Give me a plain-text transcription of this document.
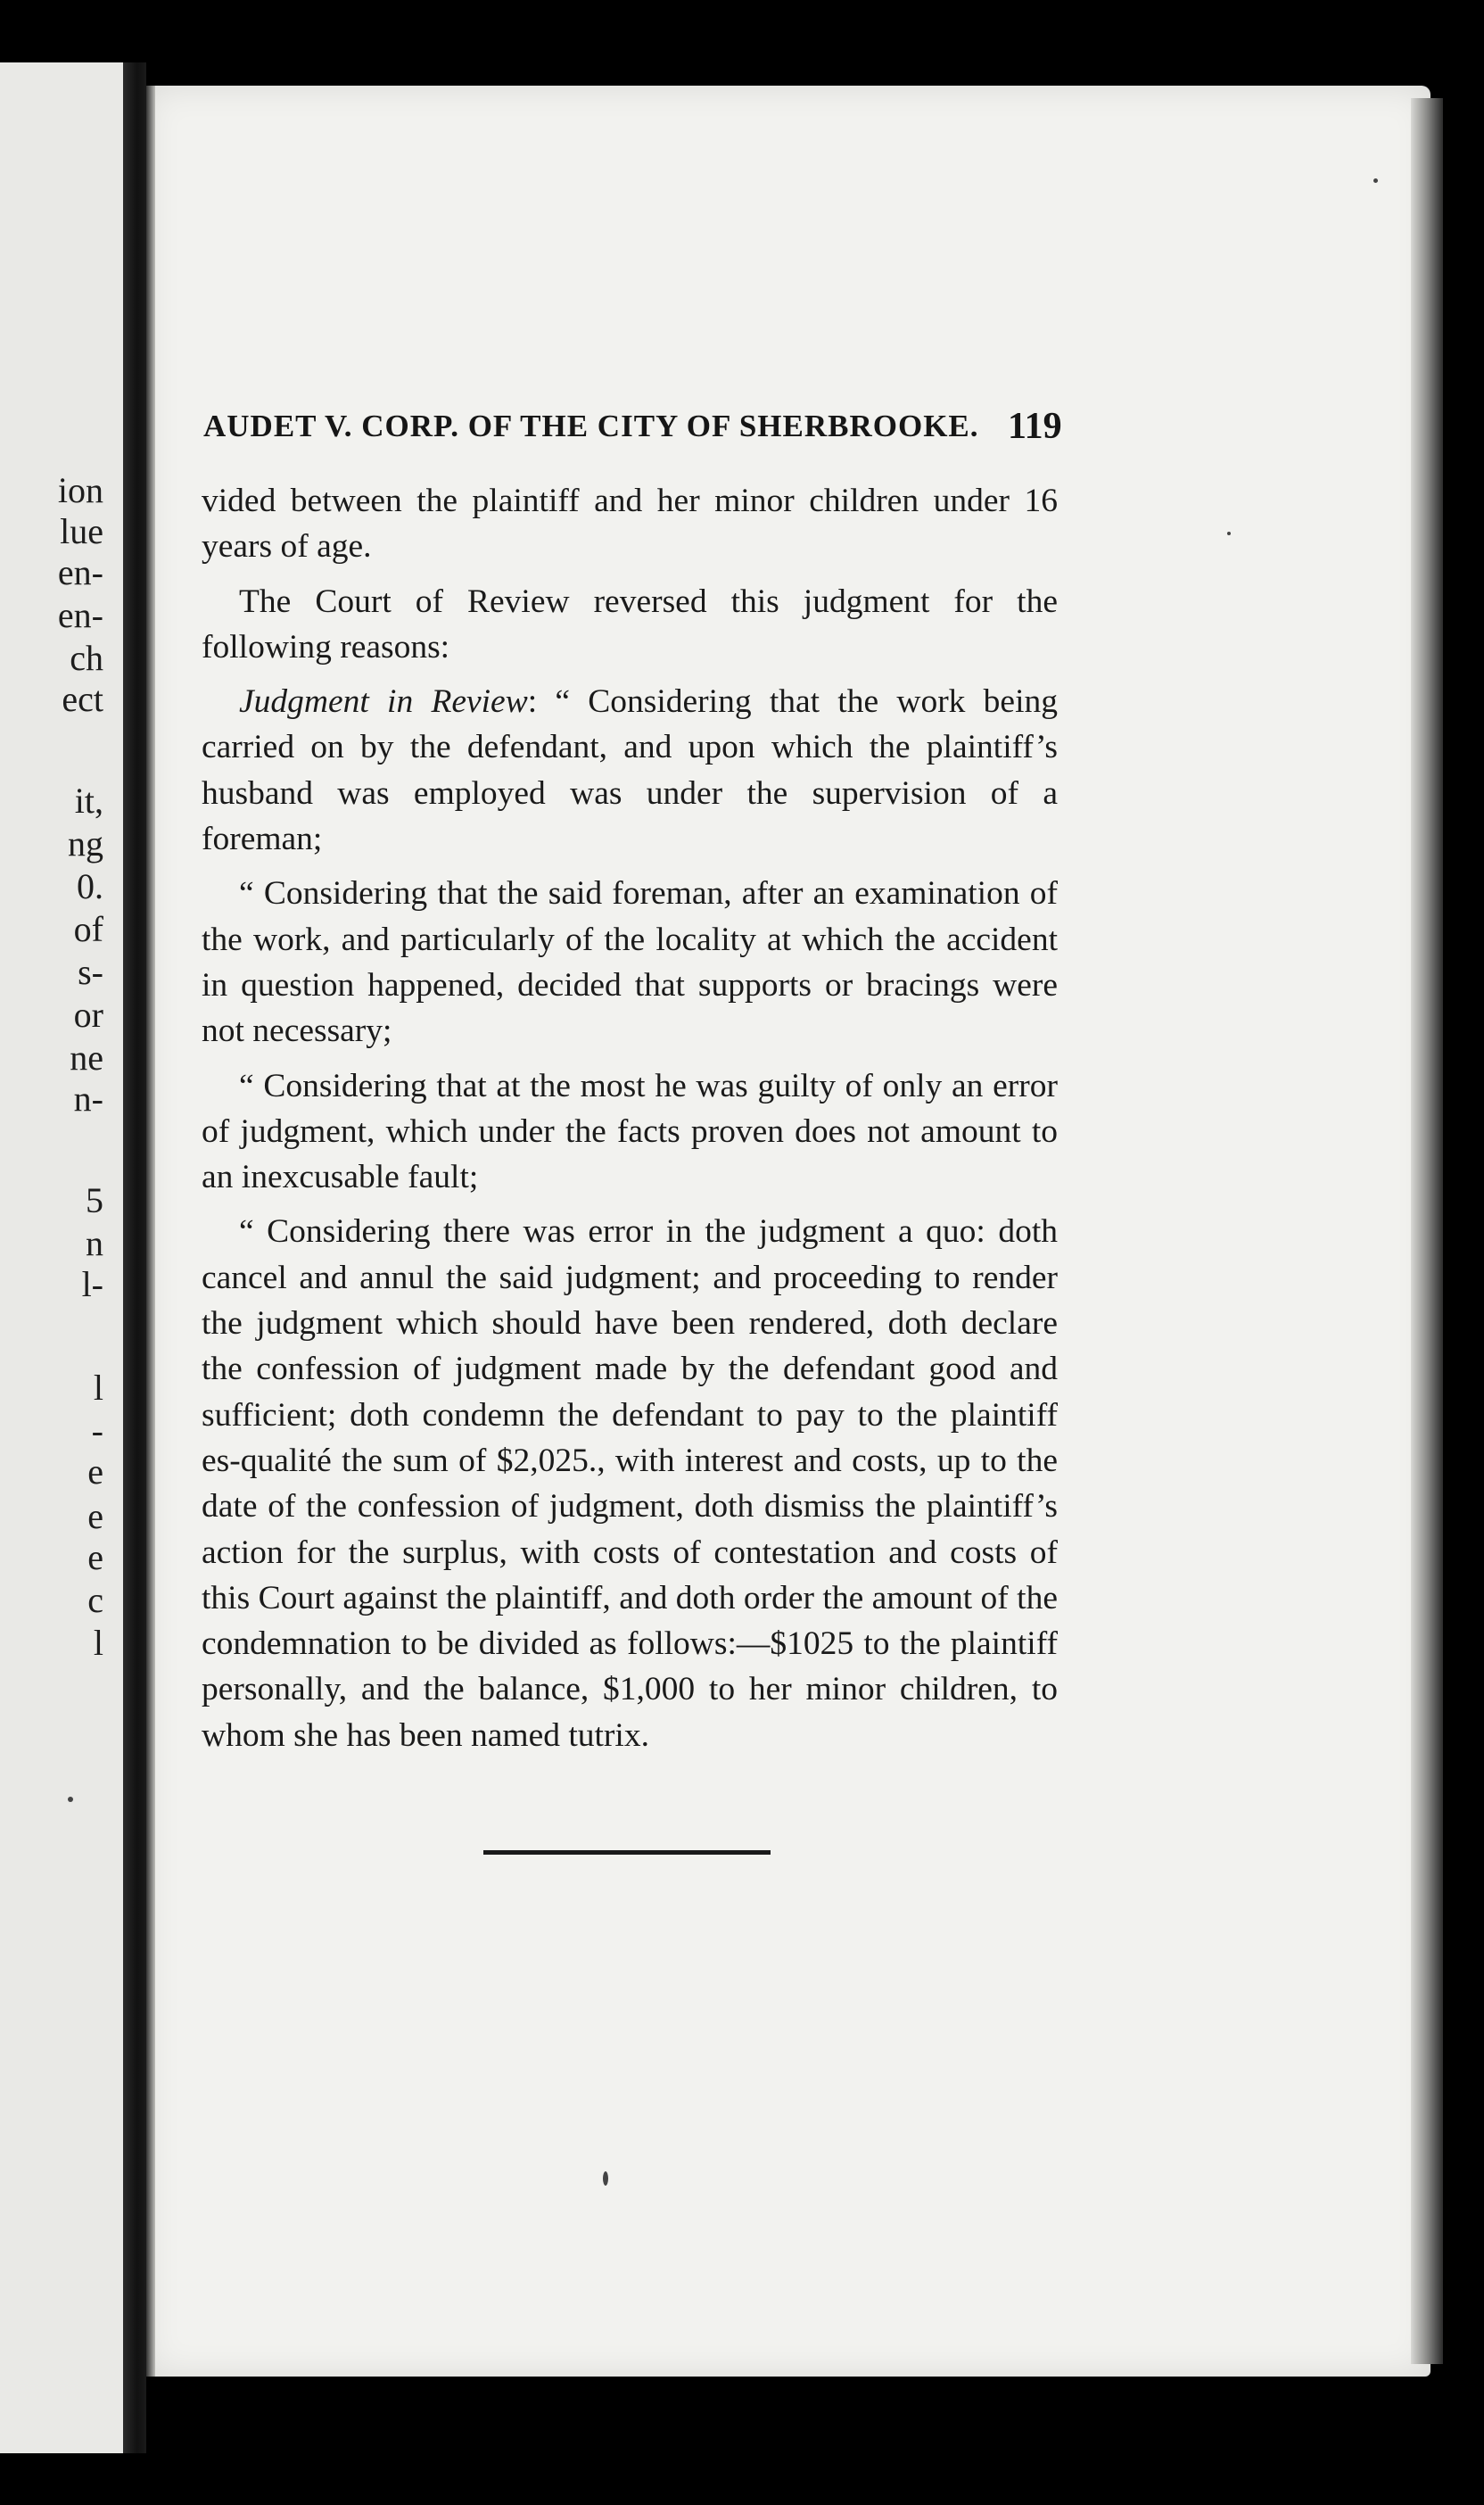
ion
lue
en-
en-
ch
ect
it,
ng
0.
of
s-
or
ne
n-
5
n
l-
l
-
e
e
e
c
l
AUDET V. CORP. OF THE CITY OF SHERBROOKE. 119

vided between the plaintiff and her minor children under 16 years of age.

The Court of Review reversed this judgment for the following reasons:

Judgment in Review: “ Considering that the work being carried on by the defendant, and upon which the plaintiff’s husband was employed was under the supervision of a foreman;

“ Considering that the said foreman, after an examination of the work, and particularly of the locality at which the accident in question happened, decided that supports or bracings were not necessary;

“ Considering that at the most he was guilty of only an error of judgment, which under the facts proven does not amount to an inexcusable fault;

“ Considering there was error in the judgment a quo: doth cancel and annul the said judgment; and proceeding to render the judgment which should have been rendered, doth declare the confession of judgment made by the defendant good and sufficient; doth condemn the defendant to pay to the plaintiff es-qualité the sum of $2,025., with interest and costs, up to the date of the confession of judgment, doth dismiss the plaintiff’s action for the surplus, with costs of contestation and costs of this Court against the plaintiff, and doth order the amount of the condemnation to be divided as follows:—$1025 to the plaintiff personally, and the balance, $1,000 to her minor children, to whom she has been named tutrix.
